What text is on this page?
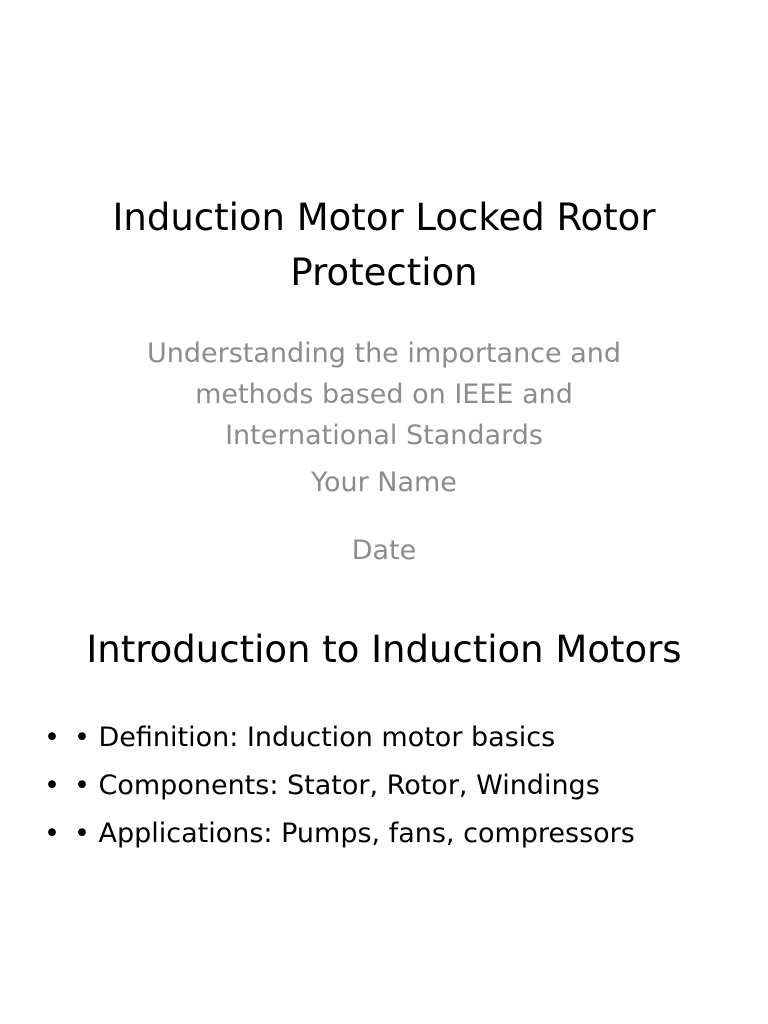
Induction Motor Locked Rotor Protection

Understanding the importance and

methods based on IEEE and

International Standards

Your Name

Date

Introduction to Induction Motors
• • Definition: Induction motor basics
• • Components: Stator, Rotor, Windings
• • Applications: Pumps, fans, compressors
